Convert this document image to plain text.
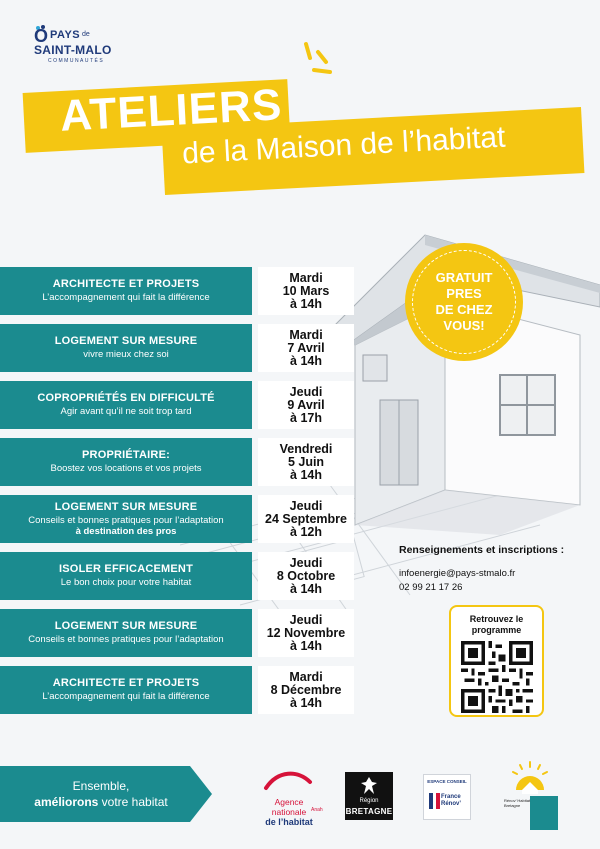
O PAYS de
SAINT-MALO
COMMUNAUTÉS
ATELIERS
de la Maison de l’habitat
ARCHITECTE ET PROJETS
L’accompagnement qui fait la différence
Mardi
10 Mars
à 14h
LOGEMENT SUR MESURE
vivre mieux chez soi
Mardi
7 Avril
à 14h
COPROPRIÉTÉS EN DIFFICULTÉ
Agir avant qu’il ne soit trop tard
Jeudi
9 Avril
à 17h
PROPRIÉTAIRE:
Boostez vos locations et vos projets
Vendredi
5 Juin
à 14h
LOGEMENT SUR MESURE
Conseils et bonnes pratiques pour l’adaptation
à destination des pros
Jeudi
24 Septembre
à 12h
ISOLER EFFICACEMENT
Le bon choix pour votre habitat
Jeudi
8 Octobre
à 14h
LOGEMENT SUR MESURE
Conseils et bonnes pratiques pour l’adaptation
Jeudi
12 Novembre
à 14h
ARCHITECTE ET PROJETS
L’accompagnement qui fait la différence
Mardi
8 Décembre
à 14h
GRATUIT
PRES
DE CHEZ
VOUS!
Renseignements et inscriptions :
infoenergie@pays-stmalo.fr
02 99 21 17 26
Retrouvez le
programme
Ensemble,
améliorons votre habitat	Agence
nationale
de l’habitat
Anah
Région
BRETAGNE
ESPACE CONSEIL
France
Rénov’
Rénov’ Habitat Bretagne
